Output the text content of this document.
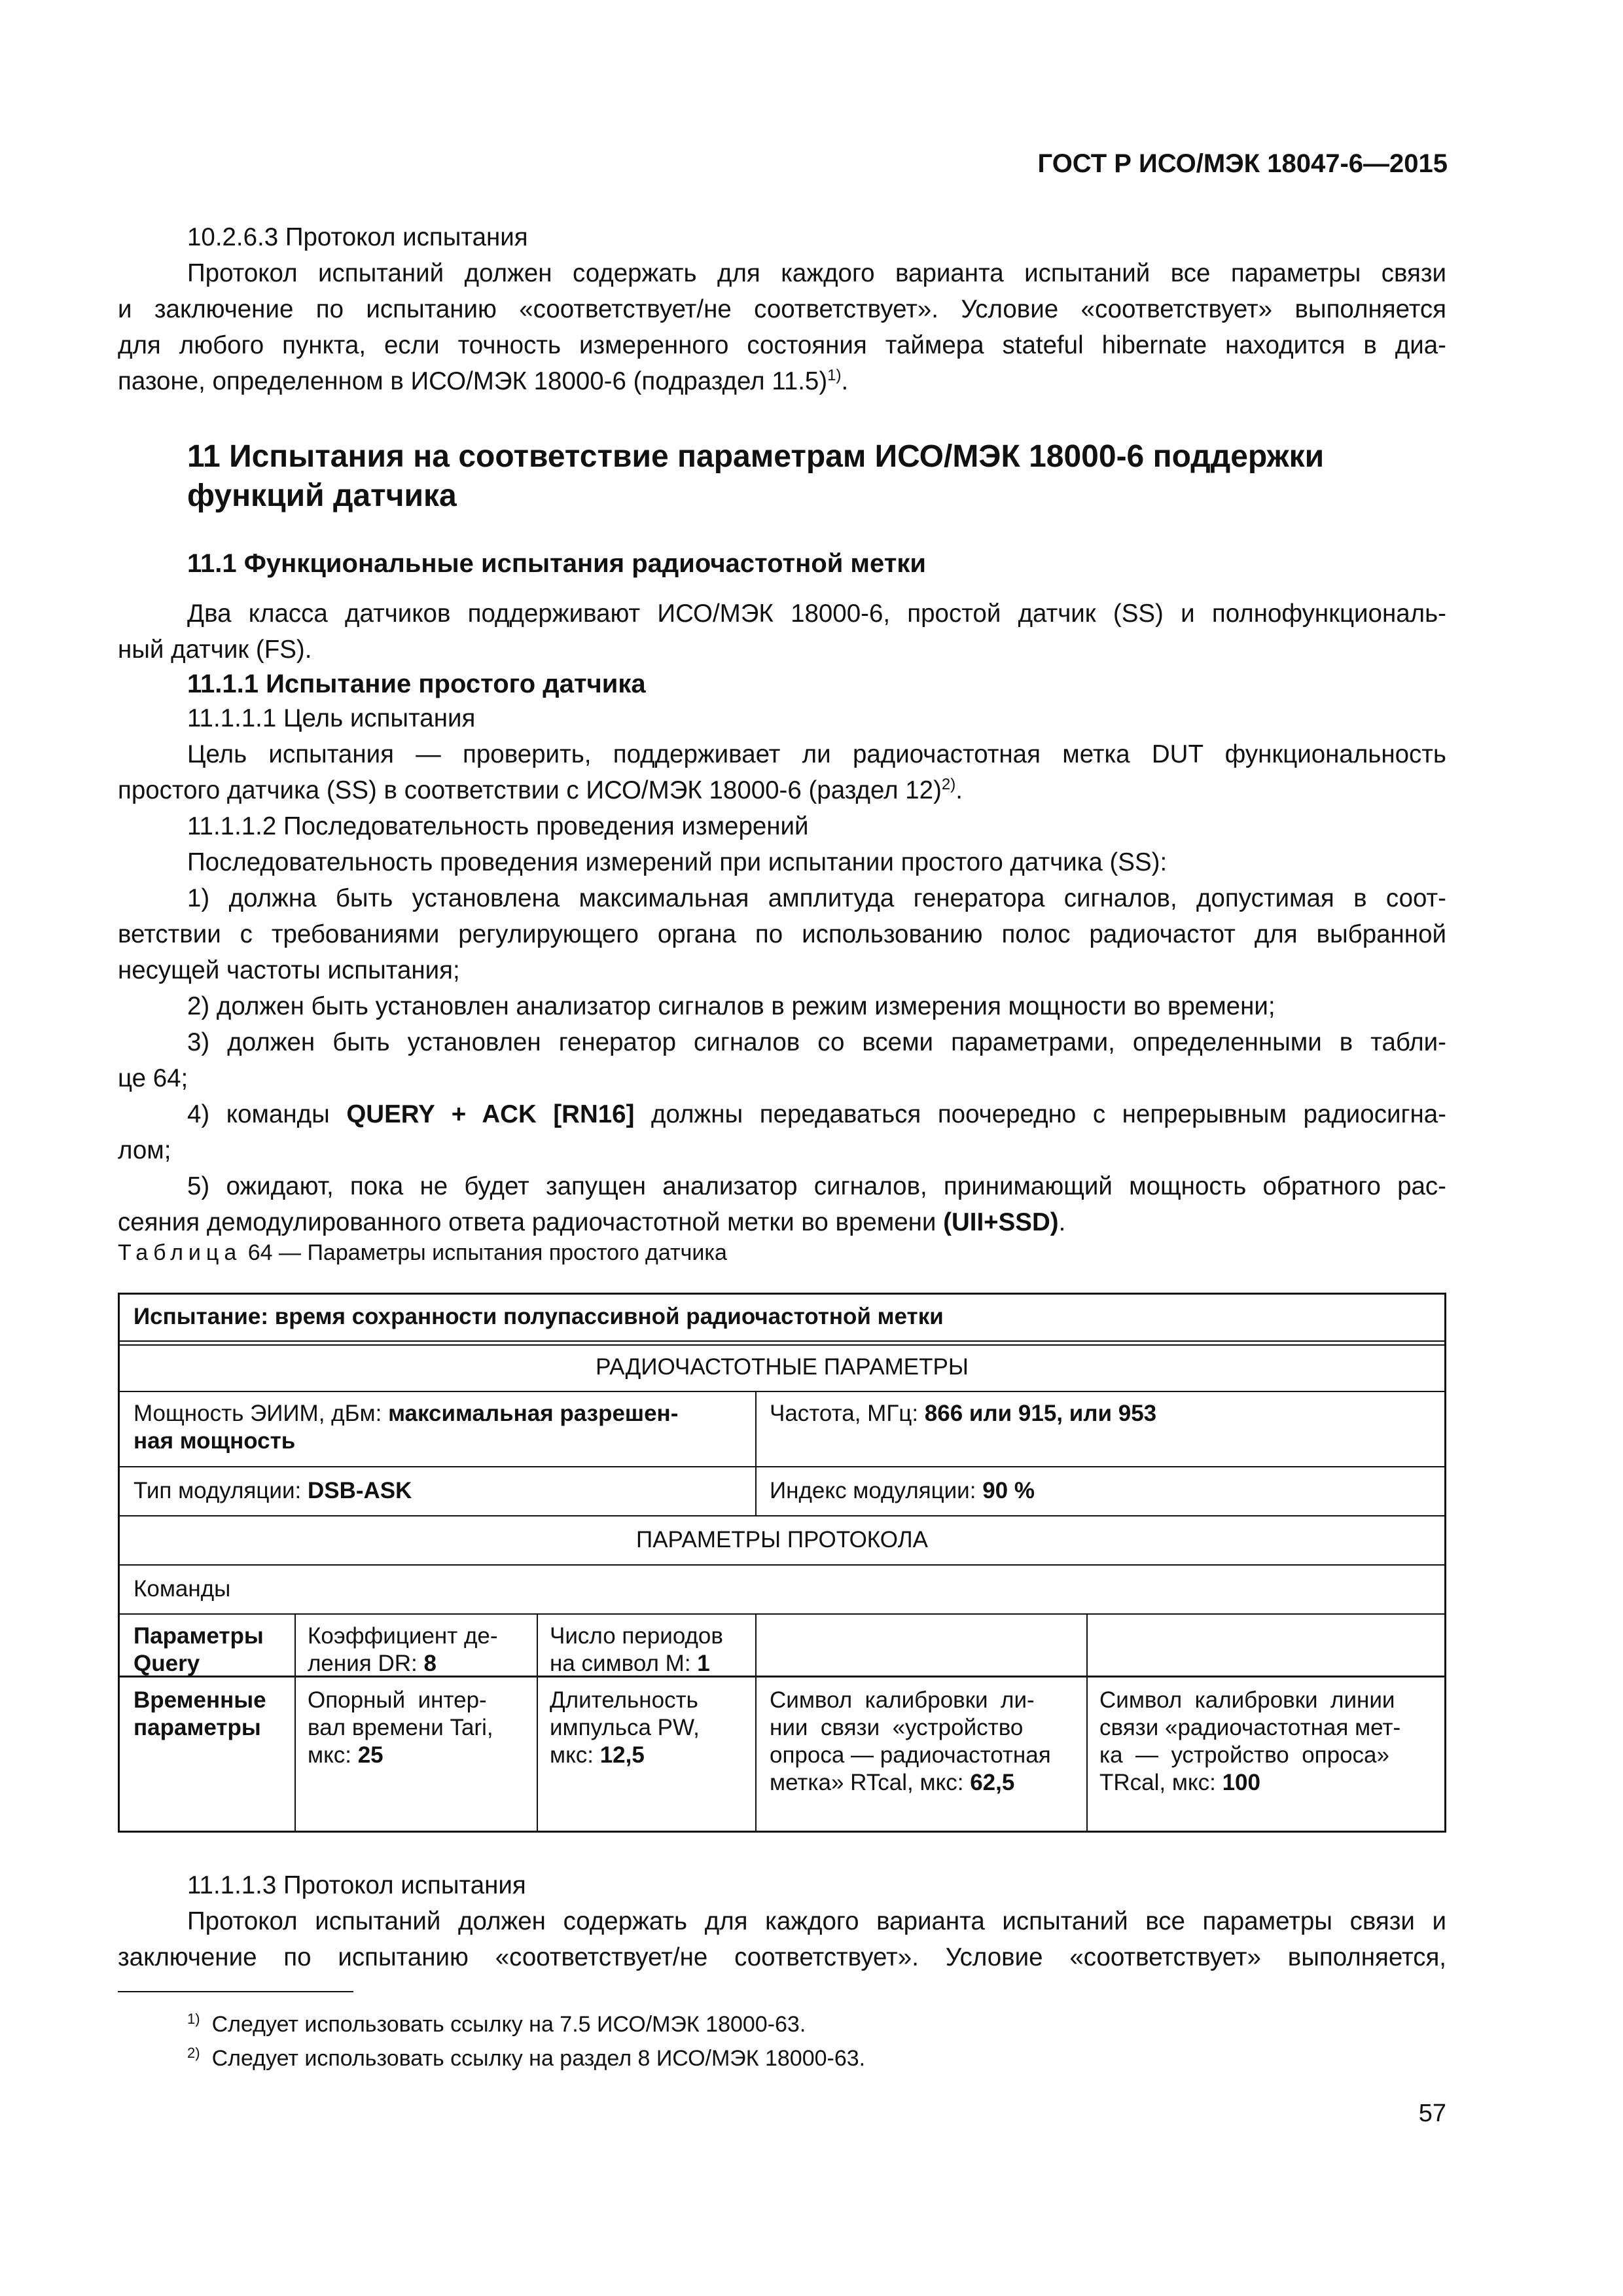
ГОСТ Р ИСО/МЭК 18047-6—2015
10.2.6.3 Протокол испытания
Протокол испытаний должен содержать для каждого варианта испытаний все параметры связи
и заключение по испытанию «соответствует/не соответствует». Условие «соответствует» выполняется
для любого пункта, если точность измеренного состояния таймера stateful hibernate находится в диа-
пазоне, определенном в ИСО/МЭК 18000-6 (подраздел 11.5)$^{1)}$.
11 Испытания на соответствие параметрам ИСО/МЭК 18000-6 поддержки
функций датчика
11.1 Функциональные испытания радиочастотной метки
Два класса датчиков поддерживают ИСО/МЭК 18000-6, простой датчик (SS) и полнофункциональ-
ный датчик (FS).
11.1.1 Испытание простого датчика
11.1.1.1 Цель испытания
Цель испытания — проверить, поддерживает ли радиочастотная метка DUT функциональность
простого датчика (SS) в соответствии с ИСО/МЭК 18000-6 (раздел 12)$^{2)}$.
11.1.1.2 Последовательность проведения измерений
Последовательность проведения измерений при испытании простого датчика (SS):
1) должна быть установлена максимальная амплитуда генератора сигналов, допустимая в соот-
ветствии с требованиями регулирующего органа по использованию полос радиочастот для выбранной
несущей частоты испытания;
2) должен быть установлен анализатор сигналов в режим измерения мощности во времени;
3) должен быть установлен генератор сигналов со всеми параметрами, определенными в табли-
це 64;
4) команды QUERY + ACK [RN16] должны передаваться поочередно с непрерывным радиосигна-
лом;
5) ожидают, пока не будет запущен анализатор сигналов, принимающий мощность обратного рас-
сеяния демодулированного ответа радиочастотной метки во времени (UII+SSD).
Таблица 64 — Параметры испытания простого датчика
Испытание: время сохранности полупассивной радиочастотной метки
РАДИОЧАСТОТНЫЕ ПАРАМЕТРЫ
Мощность ЭИИМ, дБм: максимальная разрешен-
ная мощность
Частота, МГц: 866 или 915, или 953
Тип модуляции: DSB-ASK	Индекс модуляции: 90 %
ПАРАМЕТРЫ ПРОТОКОЛА
Команды
Параметры
Query
Коэффициент де-
ления DR: 8
Число периодов
на символ M: 1
Временные
параметры
Опорный  интер-
вал времени Tari,
мкс: 25
Длительность
импульса PW,
мкс: 12,5
Символ  калибровки  ли-
нии  связи  «устройство
опроса — радиочастотная
метка» RTcal, мкс: 62,5
Символ  калибровки  линии
связи «радиочастотная мет-
ка  —  устройство  опроса»
TRcal, мкс: 100
11.1.1.3 Протокол испытания
Протокол испытаний должен содержать для каждого варианта испытаний все параметры связи и
заключение по испытанию «соответствует/не соответствует». Условие «соответствует» выполняется,
$^{1)}$ Следует использовать ссылку на 7.5 ИСО/МЭК 18000-63.
$^{2)}$ Следует использовать ссылку на раздел 8 ИСО/МЭК 18000-63.
57
